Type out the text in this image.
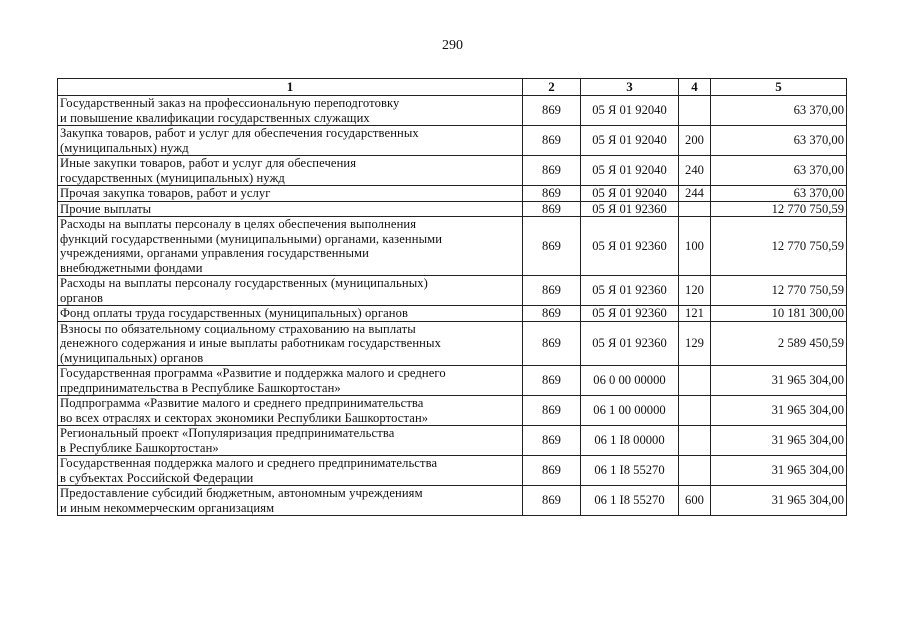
290
1	2	3	4	5
Государственный заказ на профессиональную переподготовку
и повышение квалификации государственных служащих	869	05 Я 01 92040		63 370,00
Закупка товаров, работ и услуг для обеспечения государственных
(муниципальных) нужд	869	05 Я 01 92040	200	63 370,00
Иные закупки товаров, работ и услуг для обеспечения
государственных (муниципальных) нужд	869	05 Я 01 92040	240	63 370,00
Прочая закупка товаров, работ и услуг	869	05 Я 01 92040	244	63 370,00
Прочие выплаты	869	05 Я 01 92360		12 770 750,59
Расходы на выплаты персоналу в целях обеспечения выполнения
функций государственными (муниципальными) органами, казенными
учреждениями, органами управления государственными
внебюджетными фондами	869	05 Я 01 92360	100	12 770 750,59
Расходы на выплаты персоналу государственных (муниципальных)
органов	869	05 Я 01 92360	120	12 770 750,59
Фонд оплаты труда государственных (муниципальных) органов	869	05 Я 01 92360	121	10 181 300,00
Взносы по обязательному социальному страхованию на выплаты
денежного содержания и иные выплаты работникам государственных
(муниципальных) органов	869	05 Я 01 92360	129	2 589 450,59
Государственная программа «Развитие и поддержка малого и среднего
предпринимательства в Республике Башкортостан»	869	06 0 00 00000		31 965 304,00
Подпрограмма «Развитие малого и среднего предпринимательства
во всех отраслях и секторах экономики Республики Башкортостан»	869	06 1 00 00000		31 965 304,00
Региональный проект «Популяризация предпринимательства
в Республике Башкортостан»	869	06 1 I8 00000		31 965 304,00
Государственная поддержка малого и среднего предпринимательства
в субъектах Российской Федерации	869	06 1 I8 55270		31 965 304,00
Предоставление субсидий бюджетным, автономным учреждениям
и иным некоммерческим организациям	869	06 1 I8 55270	600	31 965 304,00
